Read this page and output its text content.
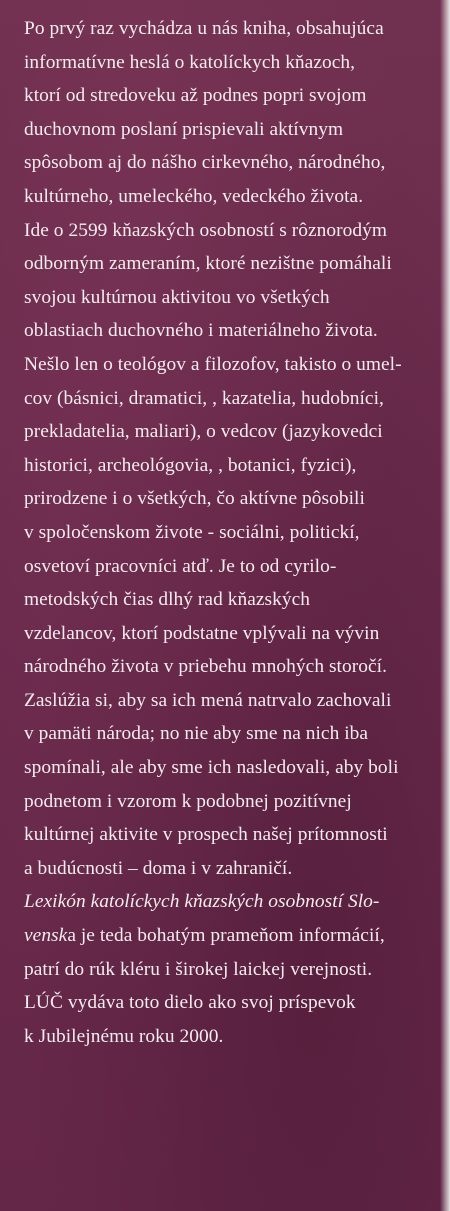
Po prvý raz vychádza u nás kniha, obsahujúca
informatívne heslá o katolíckych kňazoch,
ktorí od stredoveku až podnes popri svojom
duchovnom poslaní prispievali aktívnym
spôsobom aj do nášho cirkevného, národného,
kultúrneho, umeleckého, vedeckého života.
Ide o 2599 kňazských osobností s rôznorodým
odborným zameraním, ktoré nezištne pomáhali
svojou kultúrnou aktivitou vo všetkých
oblastiach duchovného i materiálneho života.
Nešlo len o teológov a filozofov, takisto o umel-
cov (básnici, dramatici, , kazatelia, hudobníci,
prekladatelia, maliari), o vedcov (jazykovedci
historici, archeológovia, , botanici, fyzici),
prirodzene i o všetkých, čo aktívne pôsobili
v spoločenskom živote - sociálni, politickí,
osvetoví pracovníci atď. Je to od cyrilo-
metodských čias dlhý rad kňazských
vzdelancov, ktorí podstatne vplývali na vývin
národného života v priebehu mnohých storočí.
Zaslúžia si, aby sa ich mená natrvalo zachovali
v pamäti národa; no nie aby sme na nich iba
spomínali, ale aby sme ich nasledovali, aby boli
podnetom i vzorom k podobnej pozitívnej
kultúrnej aktivite v prospech našej prítomnosti
a budúcnosti – doma i v zahraničí.
Lexikón katolíckych kňazských osobností Slo-
venska je teda bohatým prameňom informácií,
patrí do rúk kléru i širokej laickej verejnosti.
LÚČ vydáva toto dielo ako svoj príspevok
k Jubilejnému roku 2000.
